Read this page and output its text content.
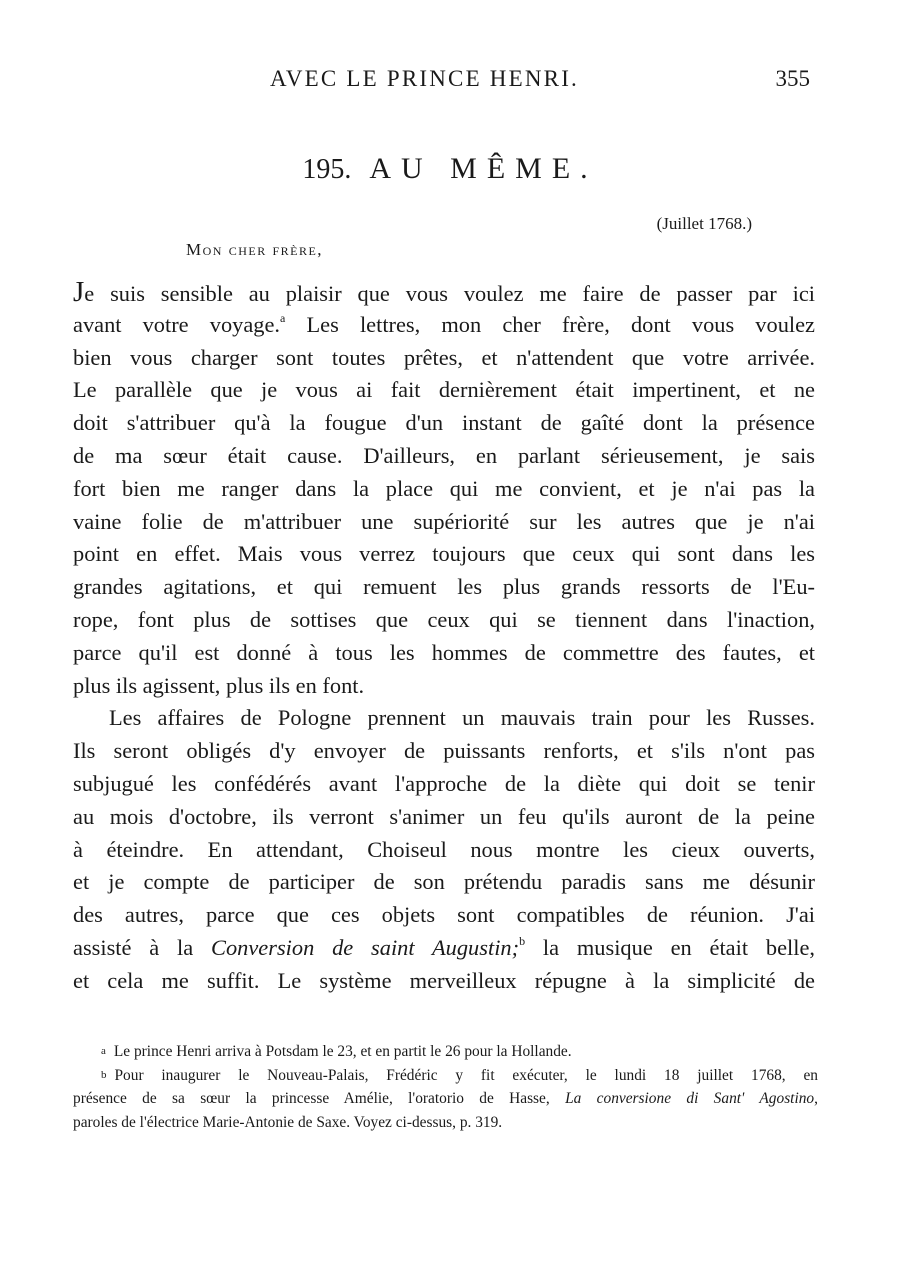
AVEC LE PRINCE HENRI.	355
195. AU MÊME.
(Juillet 1768.)
Mon cher frère,
Je suis sensible au plaisir que vous voulez me faire de passer par ici
avant votre voyage.$^a$ Les lettres, mon cher frère, dont vous voulez
bien vous charger sont toutes prêtes, et n'attendent que votre arrivée.
Le parallèle que je vous ai fait dernièrement était impertinent, et ne
doit s'attribuer qu'à la fougue d'un instant de gaîté dont la présence
de ma sœur était cause. D'ailleurs, en parlant sérieusement, je sais
fort bien me ranger dans la place qui me convient, et je n'ai pas la
vaine folie de m'attribuer une supériorité sur les autres que je n'ai
point en effet. Mais vous verrez toujours que ceux qui sont dans les
grandes agitations, et qui remuent les plus grands ressorts de l'Eu-
rope, font plus de sottises que ceux qui se tiennent dans l'inaction,
parce qu'il est donné à tous les hommes de commettre des fautes, et
plus ils agissent, plus ils en font.
Les affaires de Pologne prennent un mauvais train pour les Russes.
Ils seront obligés d'y envoyer de puissants renforts, et s'ils n'ont pas
subjugué les confédérés avant l'approche de la diète qui doit se tenir
au mois d'octobre, ils verront s'animer un feu qu'ils auront de la peine
à éteindre. En attendant, Choiseul nous montre les cieux ouverts,
et je compte de participer de son prétendu paradis sans me désunir
des autres, parce que ces objets sont compatibles de réunion. J'ai
assisté à la Conversion de saint Augustin;$^b$ la musique en était belle,
et cela me suffit. Le système merveilleux répugne à la simplicité de
a Le prince Henri arriva à Potsdam le 23, et en partit le 26 pour la Hollande.
b Pour inaugurer le Nouveau-Palais, Frédéric y fit exécuter, le lundi 18 juillet 1768, en
présence de sa sœur la princesse Amélie, l'oratorio de Hasse, La conversione di Sant' Agostino,
paroles de l'électrice Marie-Antonie de Saxe. Voyez ci-dessus, p. 319.
